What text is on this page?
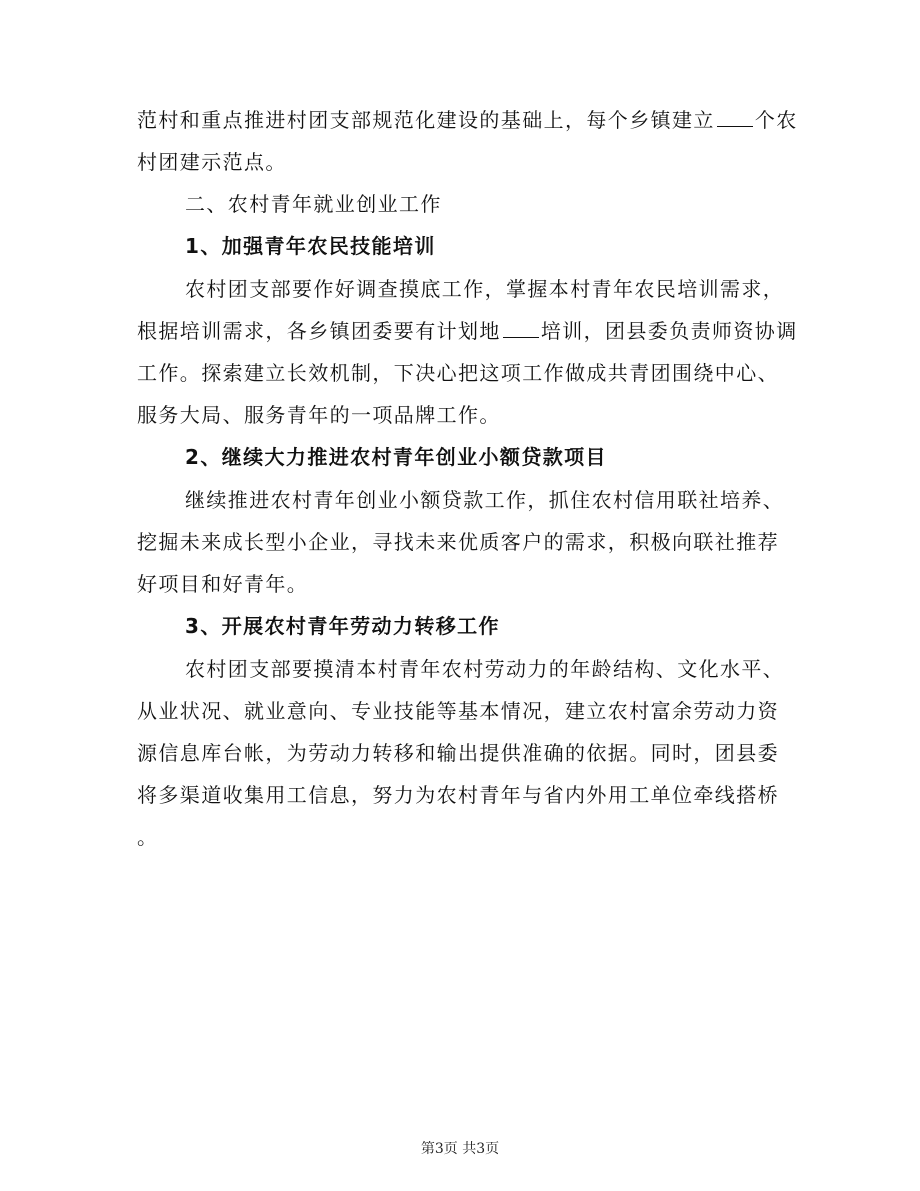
范村和重点推进村团支部规范化建设的基础上，每个乡镇建立 个农
村团建示范点。
二、农村青年就业创业工作
1、加强青年农民技能培训
农村团支部要作好调查摸底工作，掌握本村青年农民培训需求，
根据培训需求，各乡镇团委要有计划地 培训，团县委负责师资协调
工作。探索建立长效机制，下决心把这项工作做成共青团围绕中心、
服务大局、服务青年的一项品牌工作。
2、继续大力推进农村青年创业小额贷款项目
继续推进农村青年创业小额贷款工作，抓住农村信用联社培养、
挖掘未来成长型小企业，寻找未来优质客户的需求，积极向联社推荐
好项目和好青年。
3、开展农村青年劳动力转移工作
农村团支部要摸清本村青年农村劳动力的年龄结构、文化水平、
从业状况、就业意向、专业技能等基本情况，建立农村富余劳动力资
源信息库台帐，为劳动力转移和输出提供准确的依据。同时，团县委
将多渠道收集用工信息，努力为农村青年与省内外用工单位牵线搭桥
。
第3页 共3页
